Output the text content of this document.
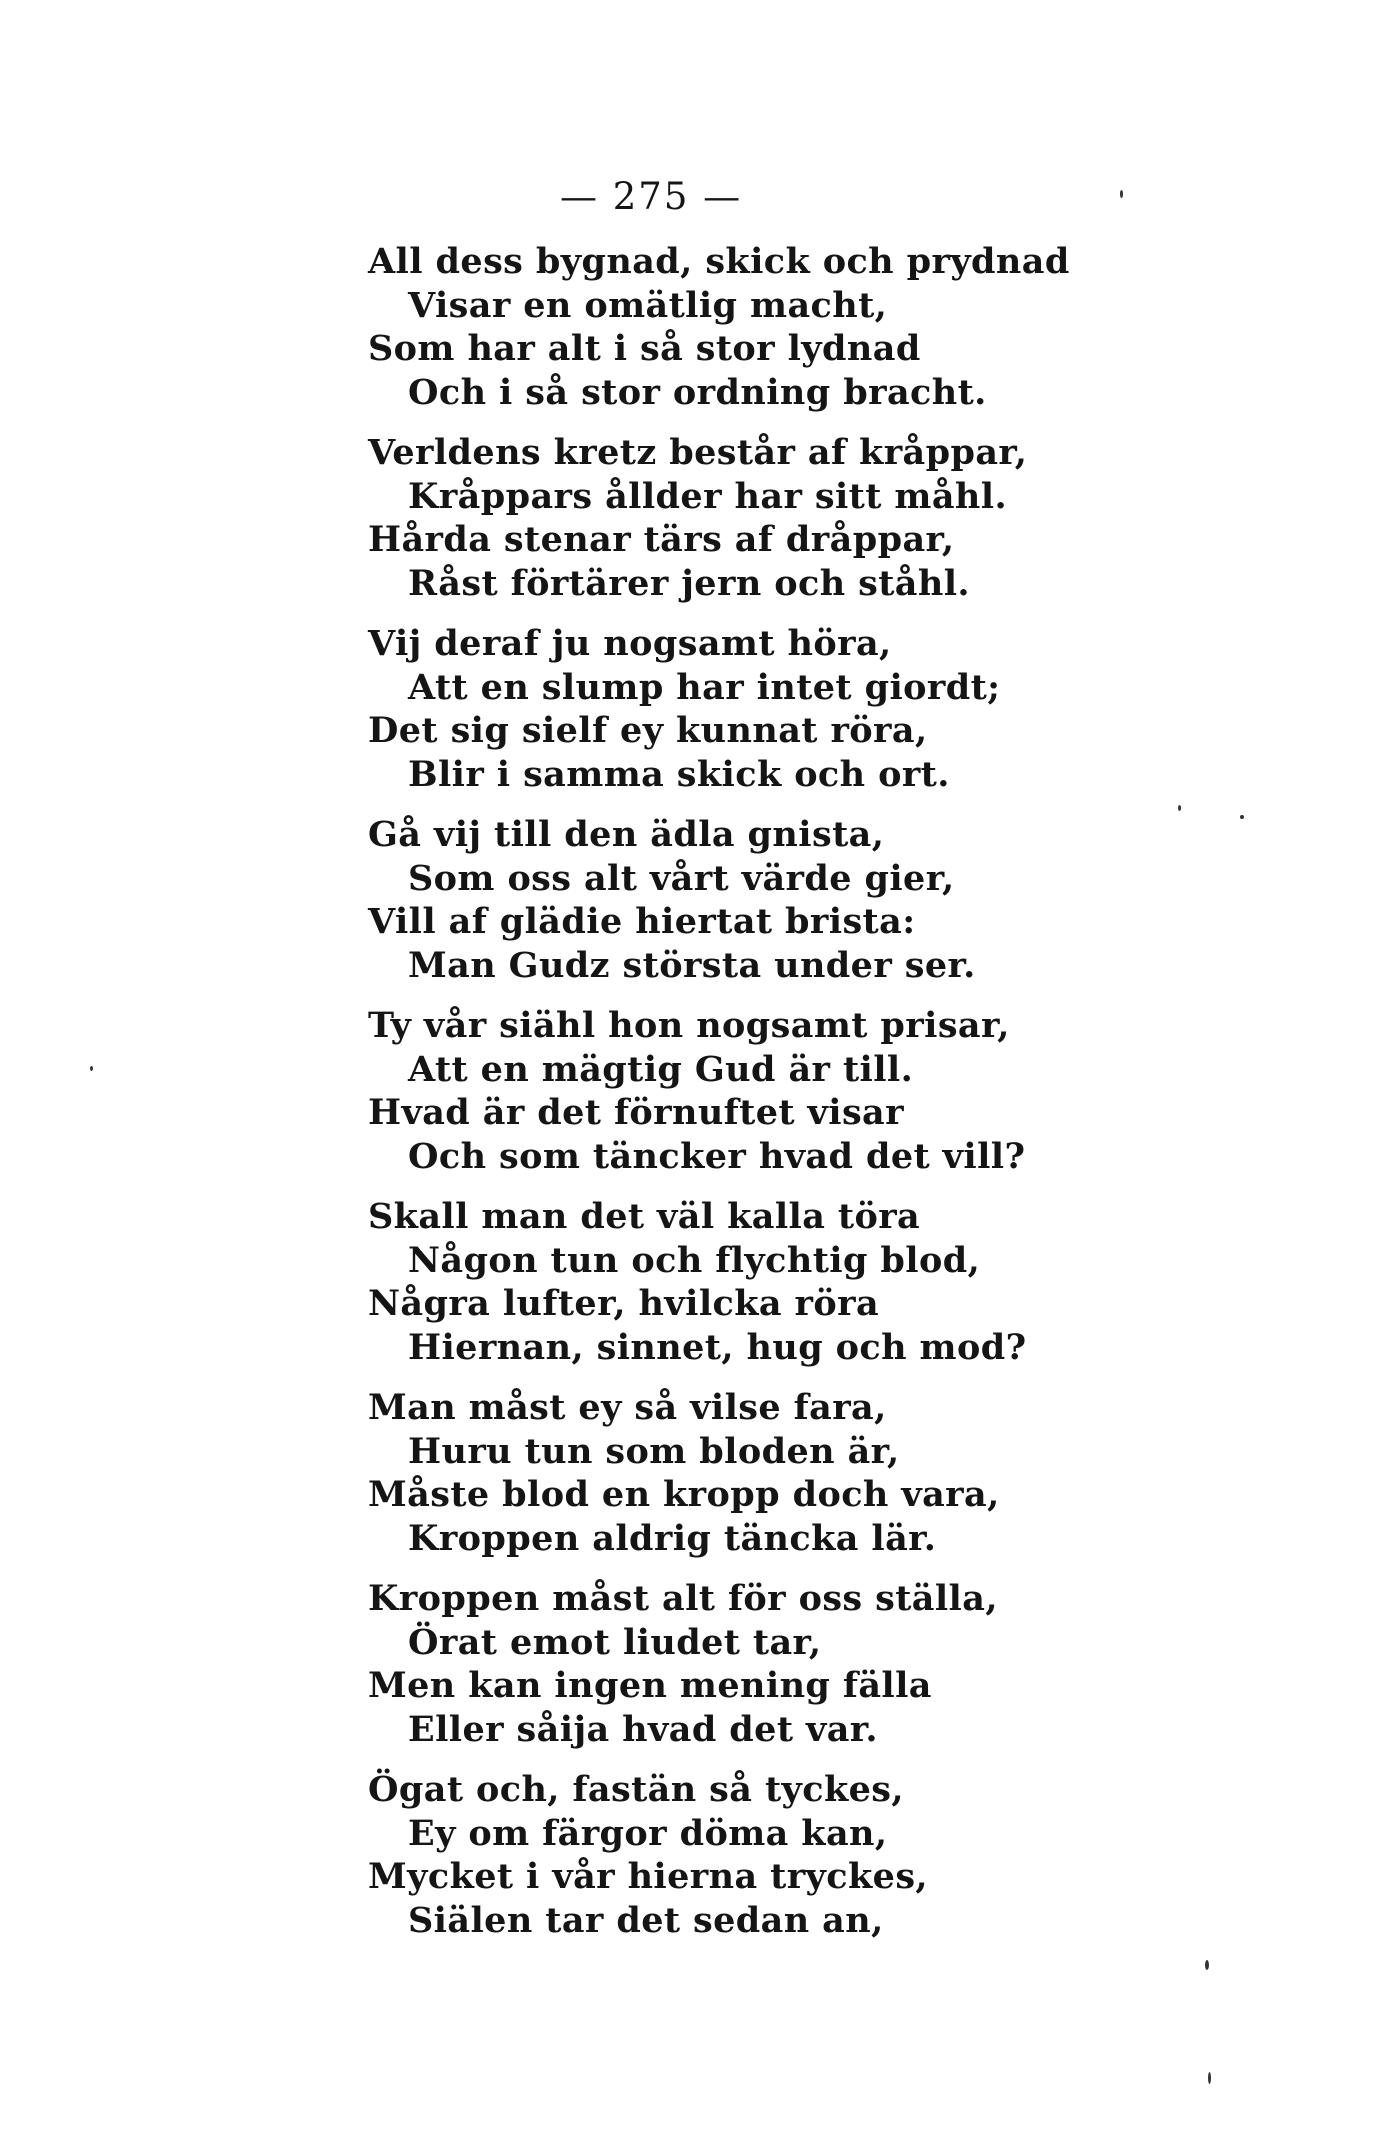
— 275 —
All dess bygnad, skick och prydnad
Visar en omätlig macht,
Som har alt i så stor lydnad
Och i så stor ordning bracht.
Verldens kretz består af kråppar,
Kråppars ållder har sitt måhl.
Hårda stenar tärs af dråppar,
Råst förtärer jern och ståhl.
Vij deraf ju nogsamt höra,
Att en slump har intet giordt;
Det sig sielf ey kunnat röra,
Blir i samma skick och ort.
Gå vij till den ädla gnista,
Som oss alt vårt värde gier,
Vill af glädie hiertat brista:
Man Gudz största under ser.
Ty vår siähl hon nogsamt prisar,
Att en mägtig Gud är till.
Hvad är det förnuftet visar
Och som täncker hvad det vill?
Skall man det väl kalla töra
Någon tun och flychtig blod,
Några lufter, hvilcka röra
Hiernan, sinnet, hug och mod?
Man måst ey så vilse fara,
Huru tun som bloden är,
Måste blod en kropp doch vara,
Kroppen aldrig täncka lär.
Kroppen måst alt för oss ställa,
Örat emot liudet tar,
Men kan ingen mening fälla
Eller såija hvad det var.
Ögat och, fastän så tyckes,
Ey om färgor döma kan,
Mycket i vår hierna tryckes,
Siälen tar det sedan an,
